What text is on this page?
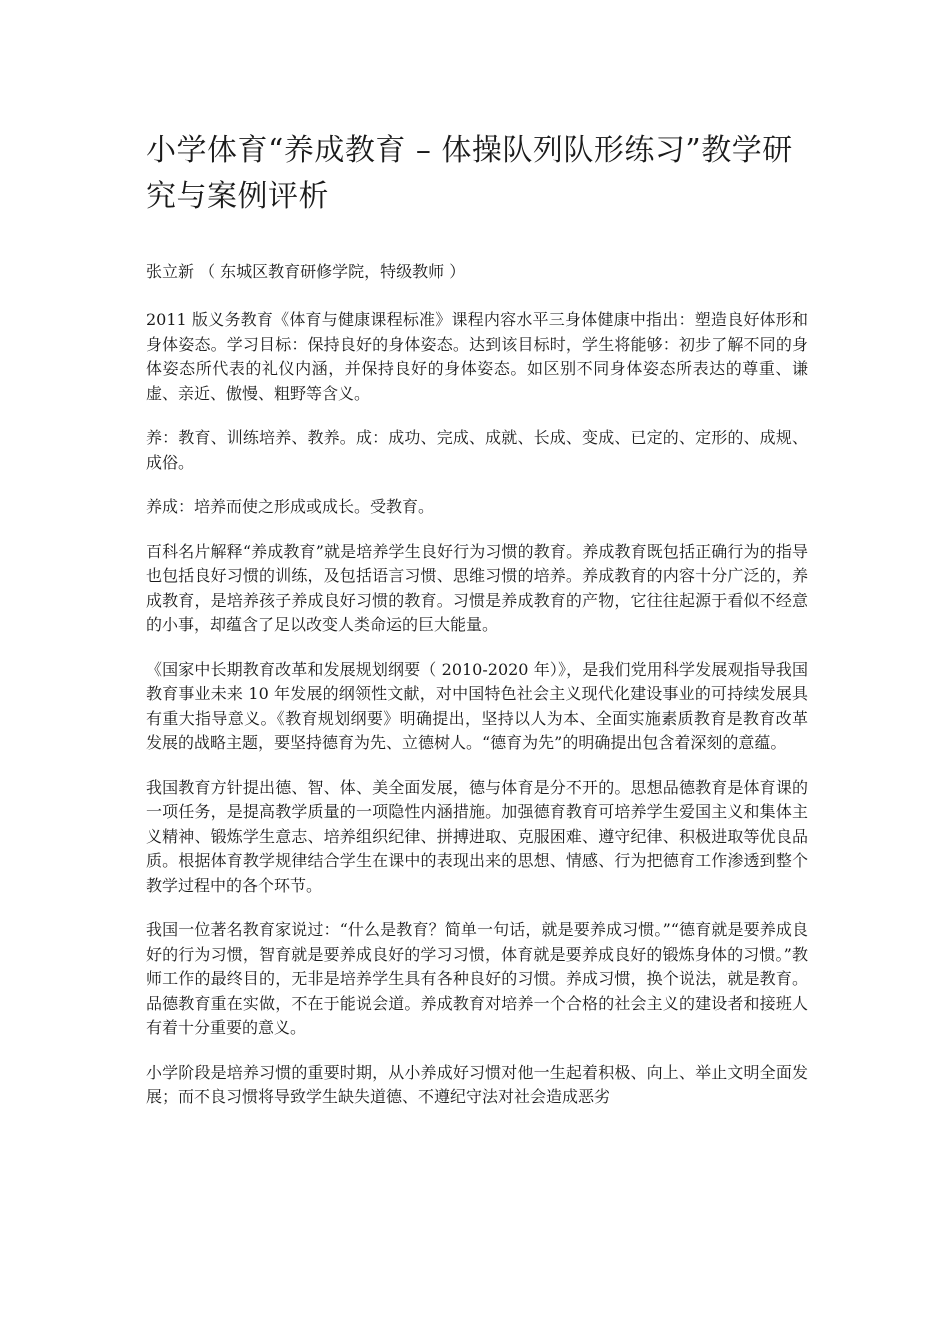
小学体育“养成教育 – 体操队列队形练习”教学研究与案例评析

张立新 （ 东城区教育研修学院，特级教师 ）

2011 版义务教育《体育与健康课程标准》课程内容水平三身体健康中指出：塑造良好体形和身体姿态。学习目标：保持良好的身体姿态。达到该目标时，学生将能够：初步了解不同的身体姿态所代表的礼仪内涵，并保持良好的身体姿态。如区别不同身体姿态所表达的尊重、谦虚、亲近、傲慢、粗野等含义。

养：教育、训练培养、教养。成：成功、完成、成就、长成、变成、已定的、定形的、成规、成俗。

养成：培养而使之形成或成长。受教育。

百科名片解释“养成教育”就是培养学生良好行为习惯的教育。养成教育既包括正确行为的指导也包括良好习惯的训练，及包括语言习惯、思维习惯的培养。养成教育的内容十分广泛的，养成教育，是培养孩子养成良好习惯的教育。习惯是养成教育的产物，它往往起源于看似不经意的小事，却蕴含了足以改变人类命运的巨大能量。

《国家中长期教育改革和发展规划纲要（ 2010-2020 年）》，是我们党用科学发展观指导我国教育事业未来 10 年发展的纲领性文献，对中国特色社会主义现代化建设事业的可持续发展具有重大指导意义。《教育规划纲要》明确提出，坚持以人为本、全面实施素质教育是教育改革发展的战略主题，要坚持德育为先、立德树人。“德育为先”的明确提出包含着深刻的意蕴。

我国教育方针提出德、智、体、美全面发展，德与体育是分不开的。思想品德教育是体育课的一项任务，是提高教学质量的一项隐性内涵措施。加强德育教育可培养学生爱国主义和集体主义精神、锻炼学生意志、培养组织纪律、拼搏进取、克服困难、遵守纪律、积极进取等优良品质。根据体育教学规律结合学生在课中的表现出来的思想、情感、行为把德育工作渗透到整个教学过程中的各个环节。

我国一位著名教育家说过：“什么是教育？简单一句话，就是要养成习惯。”“德育就是要养成良好的行为习惯，智育就是要养成良好的学习习惯，体育就是要养成良好的锻炼身体的习惯。”教师工作的最终目的，无非是培养学生具有各种良好的习惯。养成习惯，换个说法，就是教育。品德教育重在实做，不在于能说会道。养成教育对培养一个合格的社会主义的建设者和接班人有着十分重要的意义。

小学阶段是培养习惯的重要时期，从小养成好习惯对他一生起着积极、向上、举止文明全面发展；而不良习惯将导致学生缺失道德、不遵纪守法对社会造成恶劣
